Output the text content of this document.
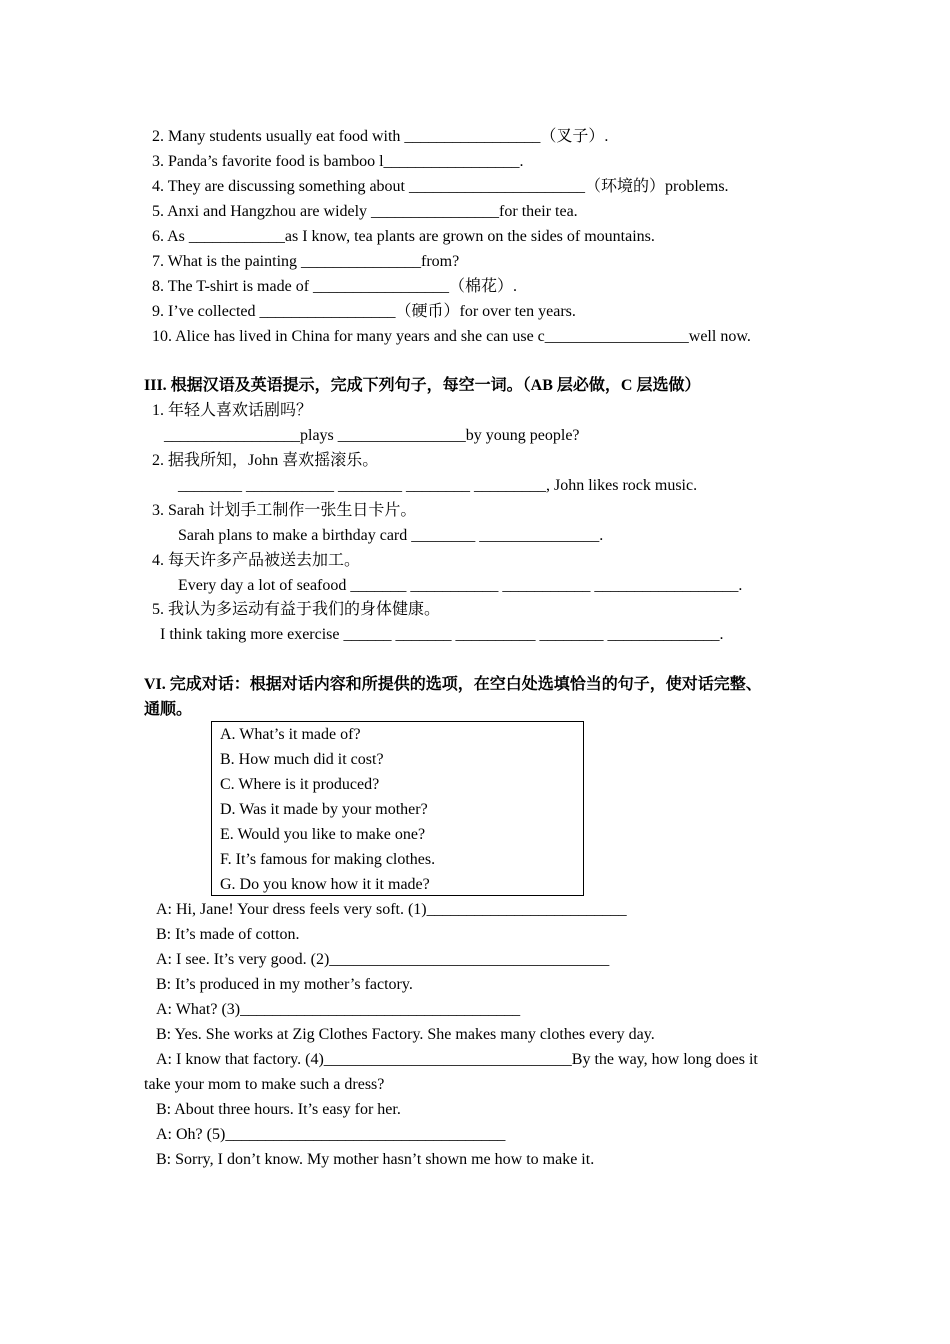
2. Many students usually eat food with _________________（叉子）.
3. Panda’s favorite food is bamboo l_________________.
4. They are discussing something about ______________________（环境的）problems.
5. Anxi and Hangzhou are widely ________________for their tea.
6. As ____________as I know, tea plants are grown on the sides of mountains.
7. What is the painting _______________from?
8. The T-shirt is made of _________________（棉花）.
9. I’ve collected _________________（硬币）for over ten years.
10. Alice has lived in China for many years and she can use c__________________well now.
III. 根据汉语及英语提示，完成下列句子，每空一词。（AB 层必做，C 层选做）
1. 年轻人喜欢话剧吗？
_________________plays ________________by young people?
2. 据我所知，John 喜欢摇滚乐。
________ ___________ ________ ________ _________, John likes rock music.
3. Sarah 计划手工制作一张生日卡片。
Sarah plans to make a birthday card ________ _______________.
4. 每天许多产品被送去加工。
Every day a lot of seafood _______ ___________ ___________ __________________.
5. 我认为多运动有益于我们的身体健康。
I think taking more exercise ______ _______ __________ ________ ______________.
VI. 完成对话：根据对话内容和所提供的选项，在空白处选填恰当的句子，使对话完整、
通顺。
A. What’s it made of?
B. How much did it cost?
C. Where is it produced?
D. Was it made by your mother?
E. Would you like to make one?
F. It’s famous for making clothes.
G. Do you know how it it made?
A: Hi, Jane! Your dress feels very soft. (1)_________________________
B: It’s made of cotton.
A: I see. It’s very good. (2)___________________________________
B: It’s produced in my mother’s factory.
A: What? (3)___________________________________
B: Yes. She works at Zig Clothes Factory. She makes many clothes every day.
A: I know that factory. (4)_______________________________By the way, how long does it
take your mom to make such a dress?
B: About three hours. It’s easy for her.
A: Oh? (5)___________________________________
B: Sorry, I don’t know. My mother hasn’t shown me how to make it.
